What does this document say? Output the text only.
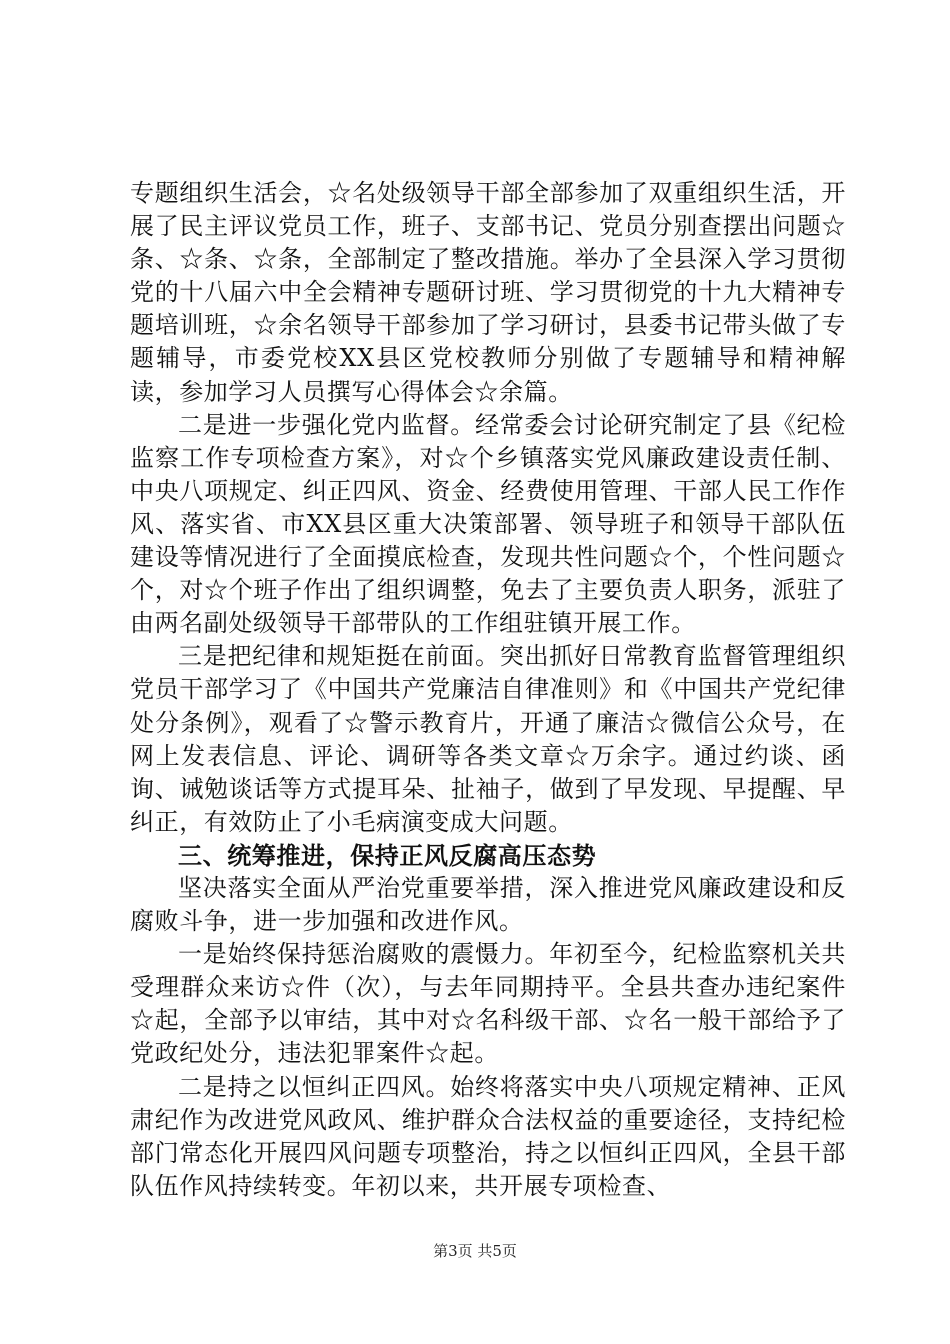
专题组织生活会，☆名处级领导干部全部参加了双重组织生活，开展了民主评议党员工作，班子、支部书记、党员分别查摆出问题☆条、☆条、☆条，全部制定了整改措施。举办了全县深入学习贯彻党的十八届六中全会精神专题研讨班、学习贯彻党的十九大精神专题培训班，☆余名领导干部参加了学习研讨，县委书记带头做了专题辅导，市委党校XX县区党校教师分别做了专题辅导和精神解读，参加学习人员撰写心得体会☆余篇。

二是进一步强化党内监督。经常委会讨论研究制定了县《纪检监察工作专项检查方案》，对☆个乡镇落实党风廉政建设责任制、中央八项规定、纠正四风、资金、经费使用管理、干部人民工作作风、落实省、市XX县区重大决策部署、领导班子和领导干部队伍建设等情况进行了全面摸底检查，发现共性问题☆个，个性问题☆个，对☆个班子作出了组织调整，免去了主要负责人职务，派驻了由两名副处级领导干部带队的工作组驻镇开展工作。

三是把纪律和规矩挺在前面。突出抓好日常教育监督管理组织党员干部学习了《中国共产党廉洁自律准则》和《中国共产党纪律处分条例》，观看了☆警示教育片，开通了廉洁☆微信公众号，在网上发表信息、评论、调研等各类文章☆万余字。通过约谈、函询、诫勉谈话等方式提耳朵、扯袖子，做到了早发现、早提醒、早纠正，有效防止了小毛病演变成大问题。

三、统筹推进，保持正风反腐高压态势

坚决落实全面从严治党重要举措，深入推进党风廉政建设和反腐败斗争，进一步加强和改进作风。

一是始终保持惩治腐败的震慑力。年初至今，纪检监察机关共受理群众来访☆件（次），与去年同期持平。全县共查办违纪案件☆起，全部予以审结，其中对☆名科级干部、☆名一般干部给予了党政纪处分，违法犯罪案件☆起。

二是持之以恒纠正四风。始终将落实中央八项规定精神、正风肃纪作为改进党风政风、维护群众合法权益的重要途径，支持纪检部门常态化开展四风问题专项整治，持之以恒纠正四风，全县干部队伍作风持续转变。年初以来，共开展专项检查、

第3页 共5页
